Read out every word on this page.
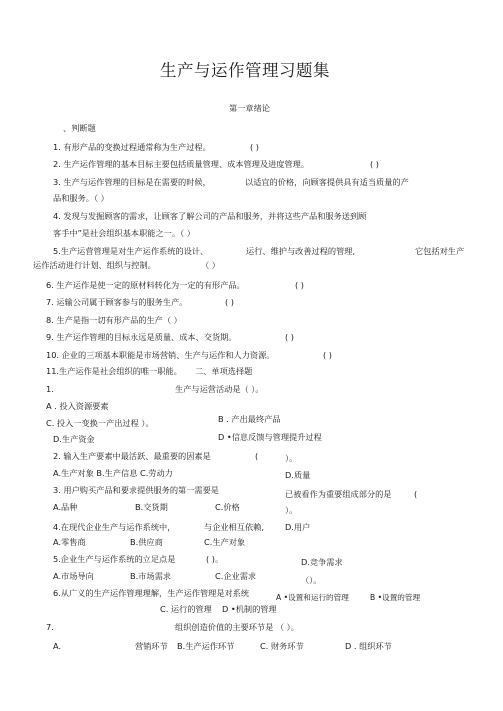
生产与运作管理习题集
第一章绪论
、判断题
1. 有形产品的变换过程通常称为生产过程。	( )
2. 生产运作管理的基本目标主要包括质量管理、成本管理及进度管理。	( )
3. 生产与运作管理的目标是在需要的时候，	以适宜的价格，向顾客提供具有适当质量的产
品和服务。（ ）
4. 发现与发掘顾客的需求，让顾客了解公司的产品和服务，并将这些产品和服务送到顾
客手中”是社会组织基本职能之一。（ ）
5.生产运营管理是对生产运作系统的设计、	运行、维护与改善过程的管理,	它包括对生产
运作活动进行计划、组织与控制。	（ ）
6. 生产运作是使一定的原材料转化为一定的有形产品。	( )
7. 运输公司属于顾客参与的服务生产。	( )
8. 生产是指一切有形产品的生产（ ）
9. 生产运作管理的目标永远是质量、成本、交货期。	( )
10. 企业的三项基本职能是市场营销、生产与运作和人力资源。	( )
11.生产运作是社会组织的唯一职能。 二、单项选择题
1.	生产与运营活动是（ ）。
A . 投入资源要素
B . 产出最终产品
C. 投入一变换一产出过程 ）。
D.生产资金	D •信息反馈与管理提升过程
2. 输入生产要素中最活跃、最重要的因素是	(	）。
A.生产对象 B.生产信息 C.劳动力	D.质量
3. 用户购买产品和要求提供服务的第一需要是	已被看作为重要组成部分的是	(
）。
A.品种	B.交货期	C.价格
4.在现代企业生产与运作系统中，	与企业相互依赖,	D.用户
A.零售商	B.供应商	C.生产对象
5.企业生产与运作系统的立足点是	( )。	D.竞争需求
A.市场导向	B.市场需求	C.企业需求	（）。
6.从广义的生产运作管理理解，生产运作管理是对系统	A •设置和运行的管理	B •设置的管理
C. 运行的管理 D •机制的管理
7.	组织创造价值的主要环节是 （ ）。
A.	营销环节 B.生产运作环节	C. 财务环节	D . 组织环节
